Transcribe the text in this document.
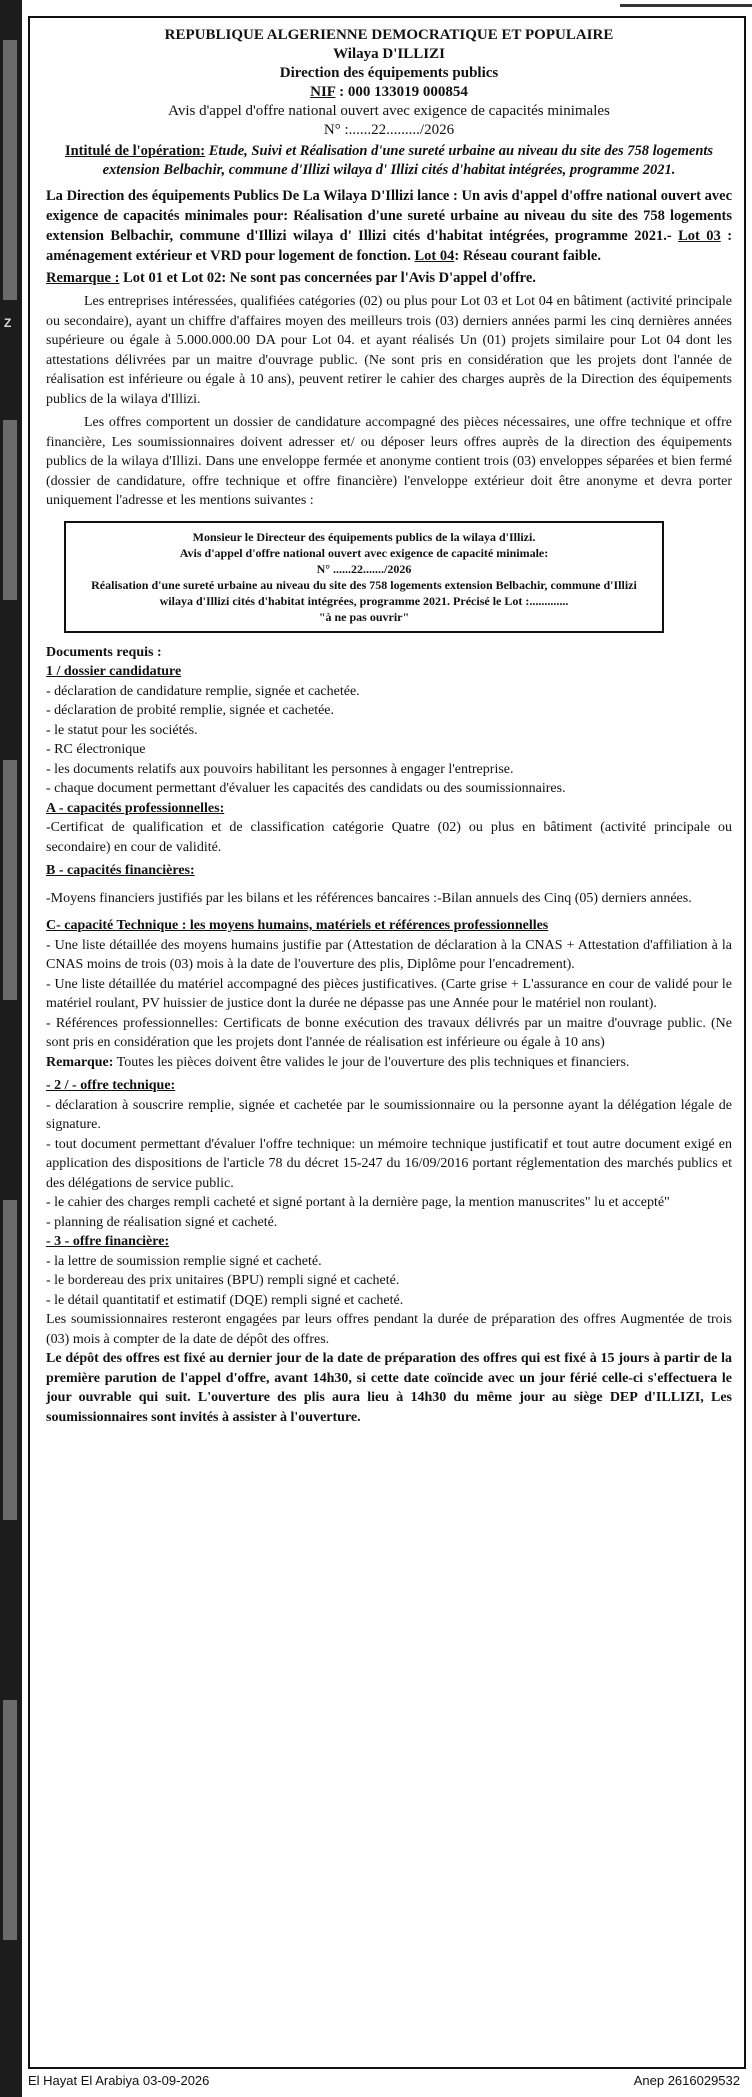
Z
REPUBLIQUE ALGERIENNE DEMOCRATIQUE ET POPULAIRE
Wilaya D'ILLIZI
Direction des équipements publics
NIF : 000 133019 000854
Avis d'appel d'offre national ouvert avec exigence de capacités minimales
N° :......22........./2026
Intitulé de l'opération: Etude, Suivi et Réalisation d'une sureté urbaine au niveau du site des 758 logements extension Belbachir, commune d'Illizi wilaya d' Illizi cités d'habitat intégrées, programme 2021.

La Direction des équipements Publics De La Wilaya D'Illizi lance : Un avis d'appel d'offre national ouvert avec exigence de capacités minimales pour: Réalisation d'une sureté urbaine au niveau du site des 758 logements extension Belbachir, commune d'Illizi wilaya d' Illizi cités d'habitat intégrées, programme 2021.- Lot 03 : aménagement extérieur et VRD pour logement de fonction. Lot 04: Réseau courant faible.

Remarque : Lot 01 et Lot 02: Ne sont pas concernées par l'Avis D'appel d'offre.

Les entreprises intéressées, qualifiées catégories (02) ou plus pour Lot 03 et Lot 04 en bâtiment (activité principale ou secondaire), ayant un chiffre d'affaires moyen des meilleurs trois (03) derniers années parmi les cinq dernières années supérieure ou égale à 5.000.000.00 DA pour Lot 04. et ayant réalisés Un (01) projets similaire pour Lot 04 dont les attestations délivrées par un maitre d'ouvrage public. (Ne sont pris en considération que les projets dont l'année de réalisation est inférieure ou égale à 10 ans), peuvent retirer le cahier des charges auprès de la Direction des équipements publics de la wilaya d'Illizi.

Les offres comportent un dossier de candidature accompagné des pièces nécessaires, une offre technique et offre financière, Les soumissionnaires doivent adresser et/ ou déposer leurs offres auprès de la direction des équipements publics de la wilaya d'Illizi. Dans une enveloppe fermée et anonyme contient trois (03) enveloppes séparées et bien fermé (dossier de candidature, offre technique et offre financière) l'enveloppe extérieur doit être anonyme et devra porter uniquement l'adresse et les mentions suivantes :

Monsieur le Directeur des équipements publics de la wilaya d'Illizi.
Avis d'appel d'offre national ouvert avec exigence de capacité minimale:
N° ......22......./2026
Réalisation d'une sureté urbaine au niveau du site des 758 logements extension Belbachir, commune d'Illizi wilaya d'Illizi cités d'habitat intégrées, programme 2021. Précisé le Lot :.............
"à ne pas ouvrir"
Documents requis :
1 / dossier candidature
- déclaration de candidature remplie, signée et cachetée.
- déclaration de probité remplie, signée et cachetée.
- le statut pour les sociétés.
- RC électronique
- les documents relatifs aux pouvoirs habilitant les personnes à engager l'entreprise.
- chaque document permettant d'évaluer les capacités des candidats ou des soumissionnaires.
A - capacités professionnelles:

-Certificat de qualification et de classification catégorie Quatre (02) ou plus en bâtiment (activité principale ou secondaire) en cour de validité.

B - capacités financières:

-Moyens financiers justifiés par les bilans et les références bancaires :-Bilan annuels des Cinq (05) derniers années.

C- capacité Technique : les moyens humains, matériels et références professionnelles

- Une liste détaillée des moyens humains justifie par (Attestation de déclaration à la CNAS + Attestation d'affiliation à la CNAS moins de trois (03) mois à la date de l'ouverture des plis, Diplôme pour l'encadrement).

- Une liste détaillée du matériel accompagné des pièces justificatives. (Carte grise + L'assurance en cour de validé pour le matériel roulant, PV huissier de justice dont la durée ne dépasse pas une Année pour le matériel non roulant).

- Références professionnelles: Certificats de bonne exécution des travaux délivrés par un maitre d'ouvrage public. (Ne sont pris en considération que les projets dont l'année de réalisation est inférieure ou égale à 10 ans)

Remarque: Toutes les pièces doivent être valides le jour de l'ouverture des plis techniques et financiers.

- 2 / - offre technique:

- déclaration à souscrire remplie, signée et cachetée par le soumissionnaire ou la personne ayant la délégation légale de signature.

- tout document permettant d'évaluer l'offre technique: un mémoire technique justificatif et tout autre document exigé en application des dispositions de l'article 78 du décret 15-247 du 16/09/2016 portant réglementation des marchés publics et des délégations de service public.

- le cahier des charges rempli cacheté et signé portant à la dernière page, la mention manuscrites" lu et accepté"

- planning de réalisation signé et cacheté.

- 3 - offre financière:
- la lettre de soumission remplie signé et cacheté.
- le bordereau des prix unitaires (BPU) rempli signé et cacheté.
- le détail quantitatif et estimatif (DQE) rempli signé et cacheté.

Les soumissionnaires resteront engagées par leurs offres pendant la durée de préparation des offres Augmentée de trois (03) mois à compter de la date de dépôt des offres.

Le dépôt des offres est fixé au dernier jour de la date de préparation des offres qui est fixé à 15 jours à partir de la première parution de l'appel d'offre, avant 14h30, si cette date coïncide avec un jour férié celle-ci s'effectuera le jour ouvrable qui suit. L'ouverture des plis aura lieu à 14h30 du même jour au siège DEP d'ILLIZI, Les soumissionnaires sont invités à assister à l'ouverture.

El Hayat El Arabiya 03-09-2026	Anep 2616029532
